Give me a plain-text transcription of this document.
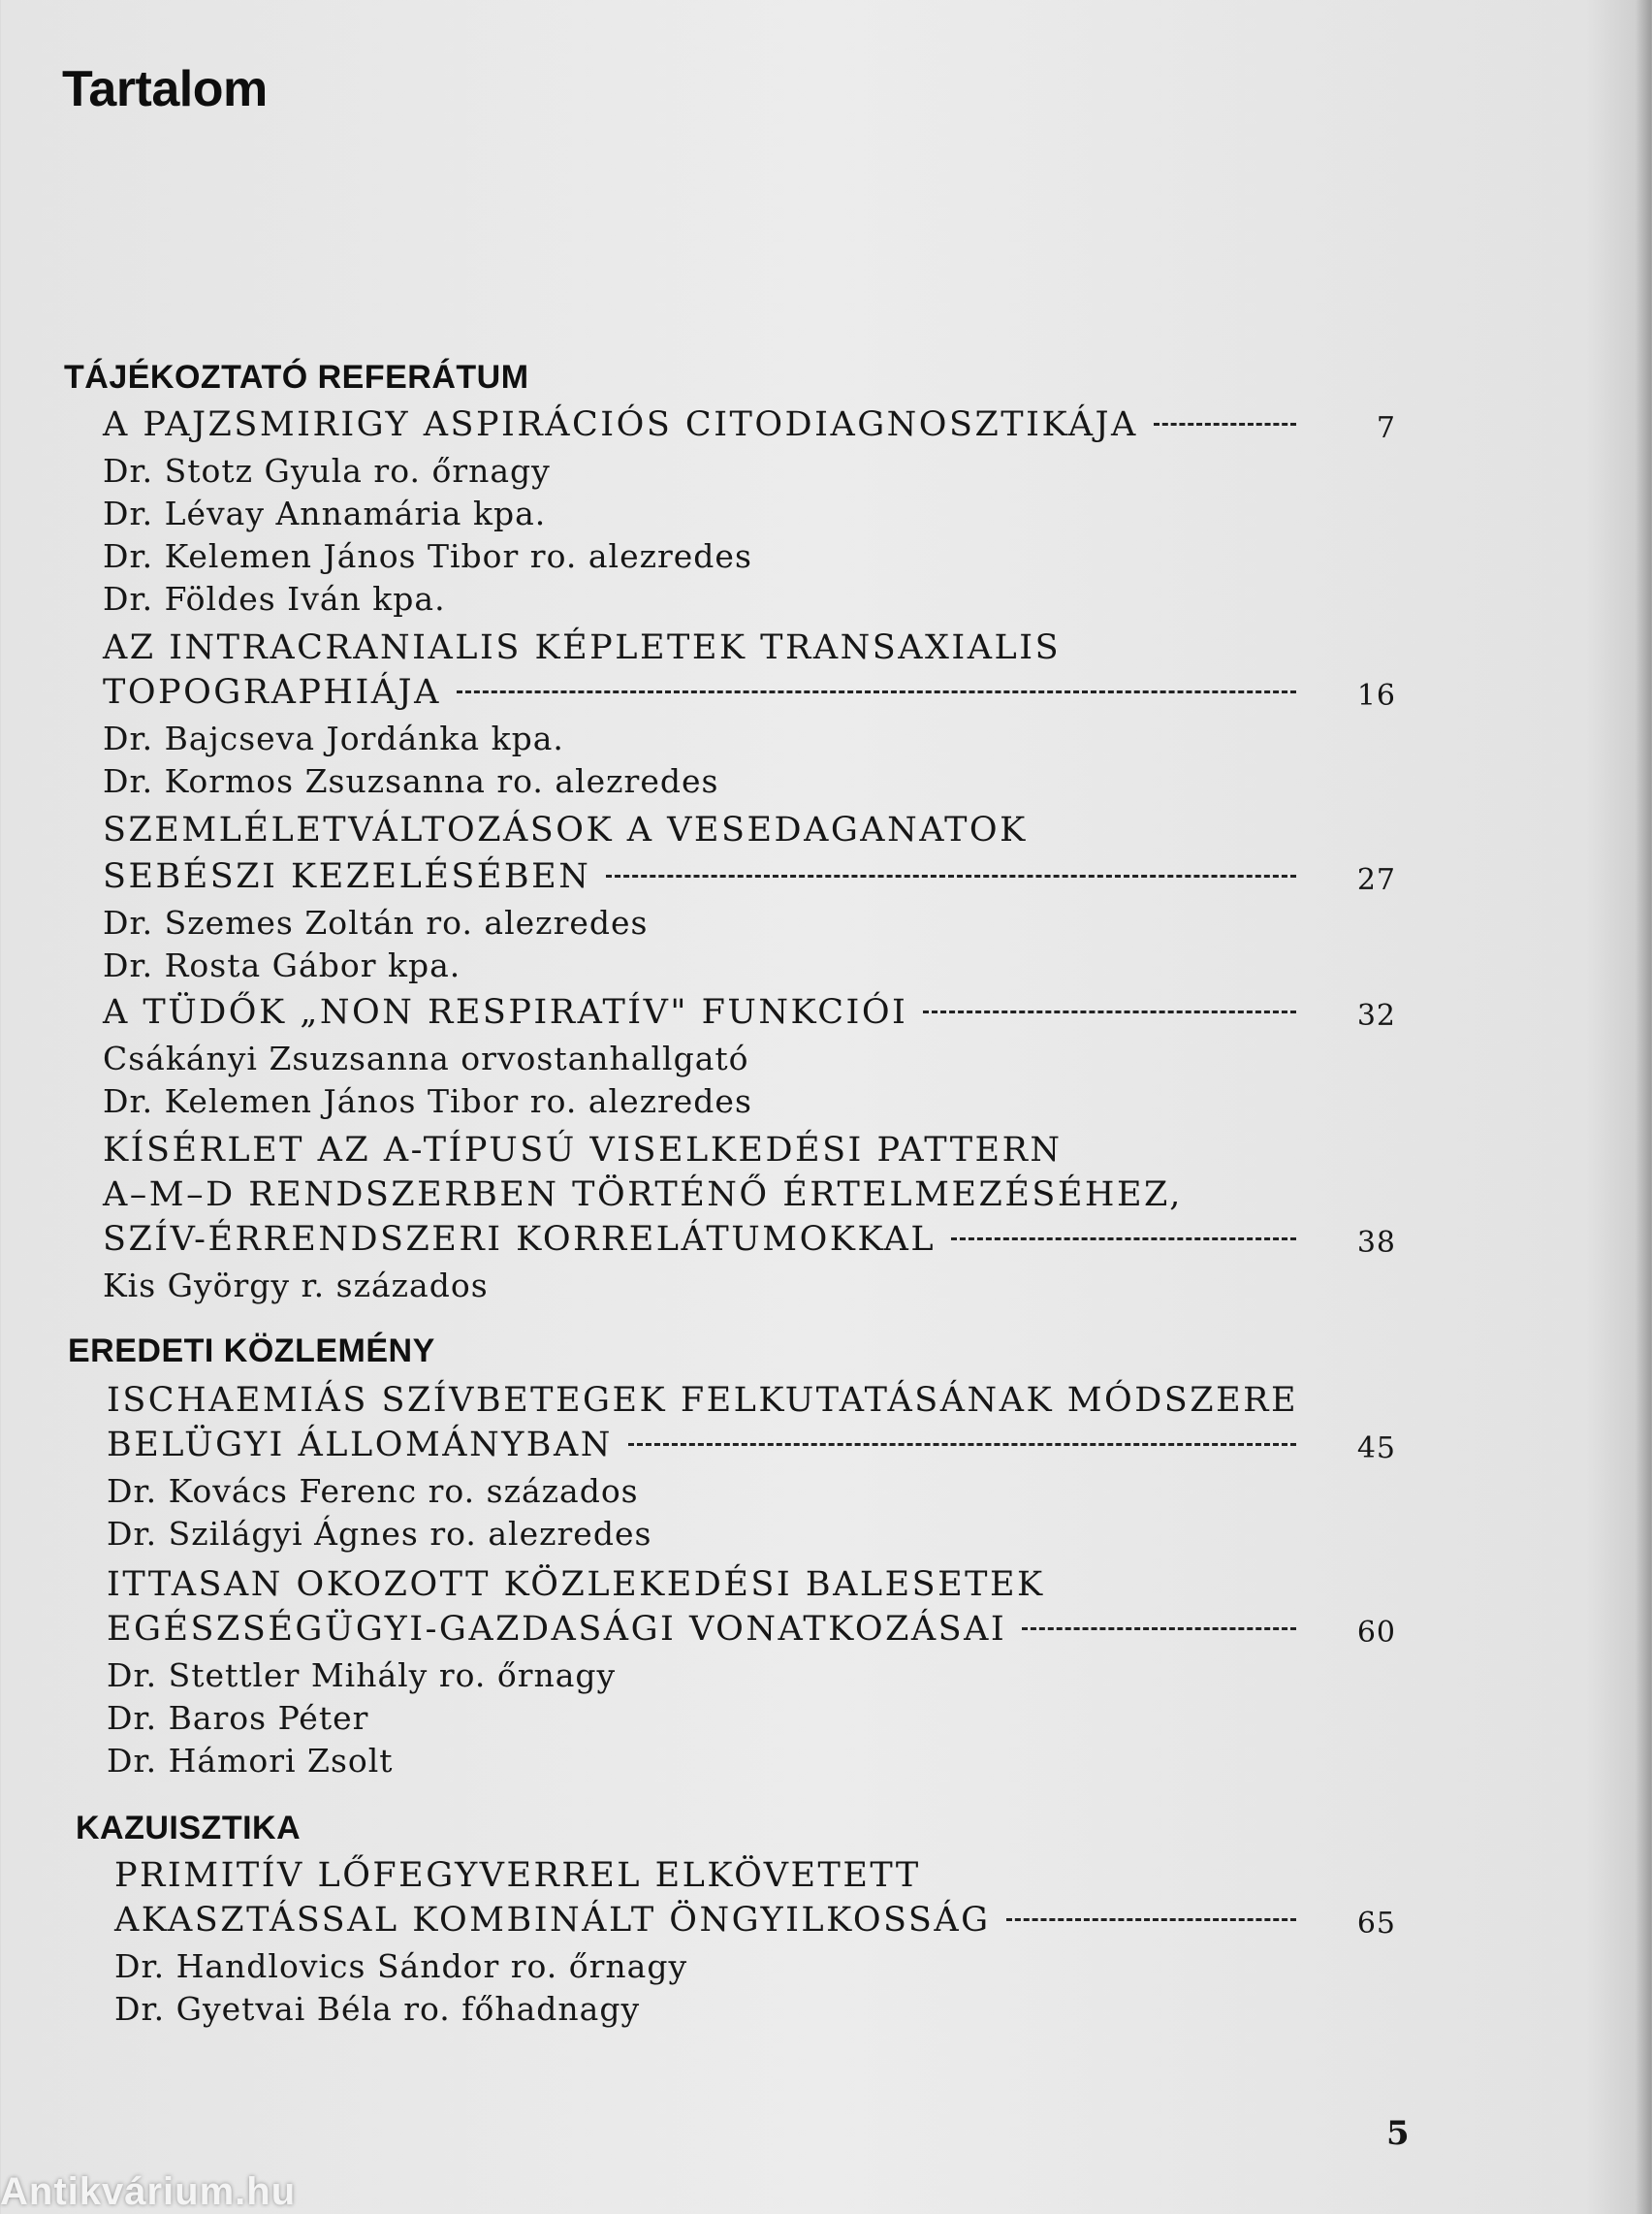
Tartalom
TÁJÉKOZTATÓ REFERÁTUM
A PAJZSMIRIGY ASPIRÁCIÓS CITODIAGNOSZTIKÁJA	7
Dr. Stotz Gyula ro. őrnagy
Dr. Lévay Annamária kpa.
Dr. Kelemen János Tibor ro. alezredes
Dr. Földes Iván kpa.
AZ INTRACRANIALIS KÉPLETEK TRANSAXIALIS
TOPOGRAPHIÁJA	16
Dr. Bajcseva Jordánka kpa.
Dr. Kormos Zsuzsanna ro. alezredes
SZEMLÉLETVÁLTOZÁSOK A VESEDAGANATOK
SEBÉSZI KEZELÉSÉBEN	27
Dr. Szemes Zoltán ro. alezredes
Dr. Rosta Gábor kpa.
A TÜDŐK „NON RESPIRATÍV" FUNKCIÓI	32
Csákányi Zsuzsanna orvostanhallgató
Dr. Kelemen János Tibor ro. alezredes
KÍSÉRLET AZ A-TÍPUSÚ VISELKEDÉSI PATTERN
A–M–D RENDSZERBEN TÖRTÉNŐ ÉRTELMEZÉSÉHEZ,
SZÍV-ÉRRENDSZERI KORRELÁTUMOKKAL	38
Kis György r. százados
EREDETI KÖZLEMÉNY
ISCHAEMIÁS SZÍVBETEGEK FELKUTATÁSÁNAK MÓDSZERE
BELÜGYI ÁLLOMÁNYBAN	45
Dr. Kovács Ferenc ro. százados
Dr. Szilágyi Ágnes ro. alezredes
ITTASAN OKOZOTT KÖZLEKEDÉSI BALESETEK
EGÉSZSÉGÜGYI-GAZDASÁGI VONATKOZÁSAI	60
Dr. Stettler Mihály ro. őrnagy
Dr. Baros Péter
Dr. Hámori Zsolt
KAZUISZTIKA
PRIMITÍV LŐFEGYVERREL ELKÖVETETT
AKASZTÁSSAL KOMBINÁLT ÖNGYILKOSSÁG	65
Dr. Handlovics Sándor ro. őrnagy
Dr. Gyetvai Béla ro. főhadnagy
5
Antikvárium.hu
